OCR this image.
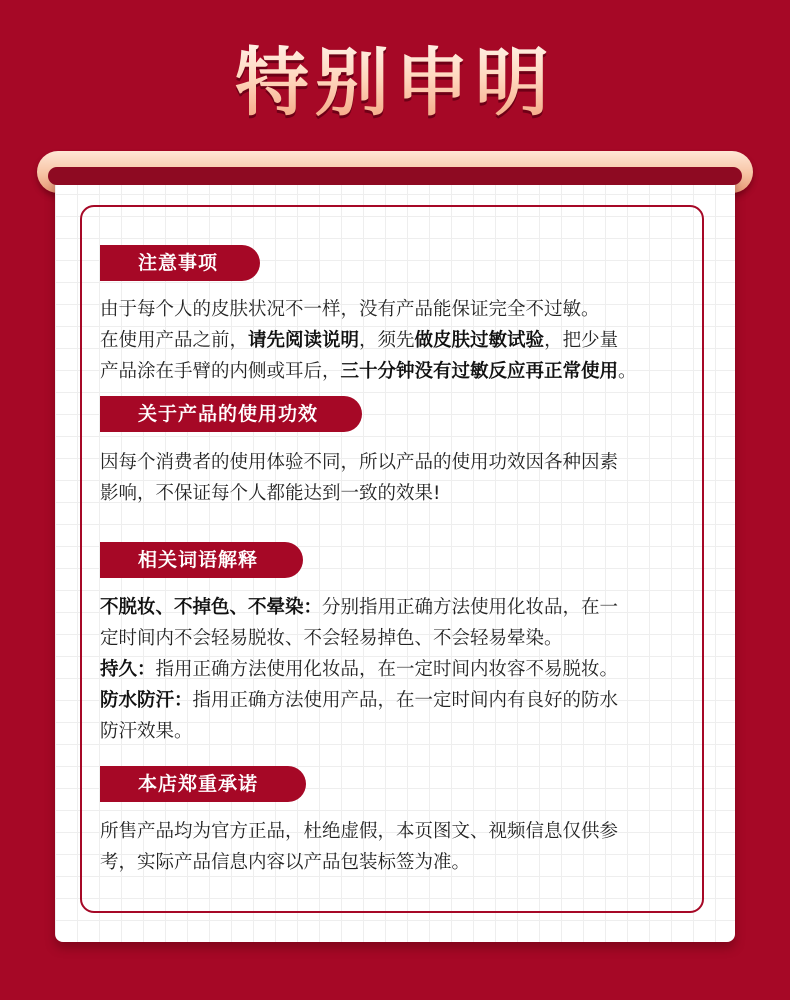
特别申明
注意事项

由于每个人的皮肤状况不一样，没有产品能保证完全不过敏。
在使用产品之前，请先阅读说明，须先做皮肤过敏试验，把少量
产品涂在手臂的内侧或耳后，三十分钟没有过敏反应再正常使用。

关于产品的使用功效

因每个消费者的使用体验不同，所以产品的使用功效因各种因素
影响，不保证每个人都能达到一致的效果!

相关词语解释

不脱妆、不掉色、不晕染：分别指用正确方法使用化妆品，在一
定时间内不会轻易脱妆、不会轻易掉色、不会轻易晕染。
持久：指用正确方法使用化妆品，在一定时间内妆容不易脱妆。
防水防汗：指用正确方法使用产品，在一定时间内有良好的防水
防汗效果。

本店郑重承诺

所售产品均为官方正品，杜绝虚假，本页图文、视频信息仅供参
考，实际产品信息内容以产品包装标签为准。
